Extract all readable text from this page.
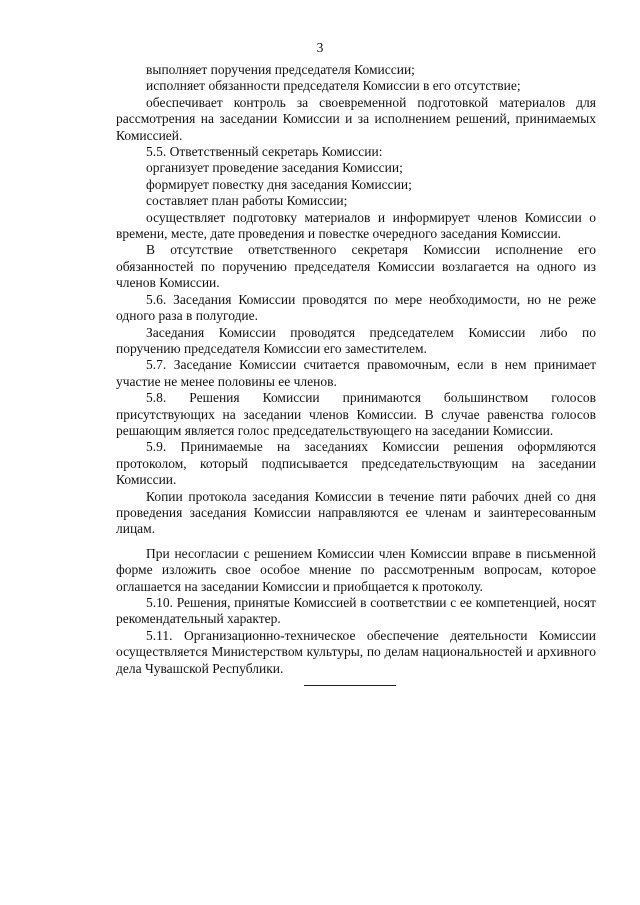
3

выполняет поручения председателя Комиссии;

исполняет обязанности председателя Комиссии в его отсутствие;

обеспечивает контроль за своевременной подготовкой материалов для рассмотрения на заседании Комиссии и за исполнением решений, принимаемых Комиссией.

5.5. Ответственный секретарь Комиссии:

организует проведение заседания Комиссии;

формирует повестку дня заседания Комиссии;

составляет план работы Комиссии;

осуществляет подготовку материалов и информирует членов Комиссии о времени, месте, дате проведения и повестке очередного заседания Комиссии.

В отсутствие ответственного секретаря Комиссии исполнение его обязанностей по поручению председателя Комиссии возлагается на одного из членов Комиссии.

5.6. Заседания Комиссии проводятся по мере необходимости, но не реже одного раза в полугодие.

Заседания Комиссии проводятся председателем Комиссии либо по поручению председателя Комиссии его заместителем.

5.7. Заседание Комиссии считается правомочным, если в нем принимает участие не менее половины ее членов.

5.8. Решения Комиссии принимаются большинством голосов присутствующих на заседании членов Комиссии. В случае равенства голосов решающим является голос председательствующего на заседании Комиссии.

5.9. Принимаемые на заседаниях Комиссии решения оформляются протоколом, который подписывается председательствующим на заседании Комиссии.

Копии протокола заседания Комиссии в течение пяти рабочих дней со дня проведения заседания Комиссии направляются ее членам и заинтересованным лицам.

При несогласии с решением Комиссии член Комиссии вправе в письменной форме изложить свое особое мнение по рассмотренным вопросам, которое оглашается на заседании Комиссии и приобщается к протоколу.

5.10. Решения, принятые Комиссией в соответствии с ее компетенцией, носят рекомендательный характер.

5.11. Организационно-техническое обеспечение деятельности Комиссии осуществляется Министерством культуры, по делам национальностей и архивного дела Чувашской Республики.
